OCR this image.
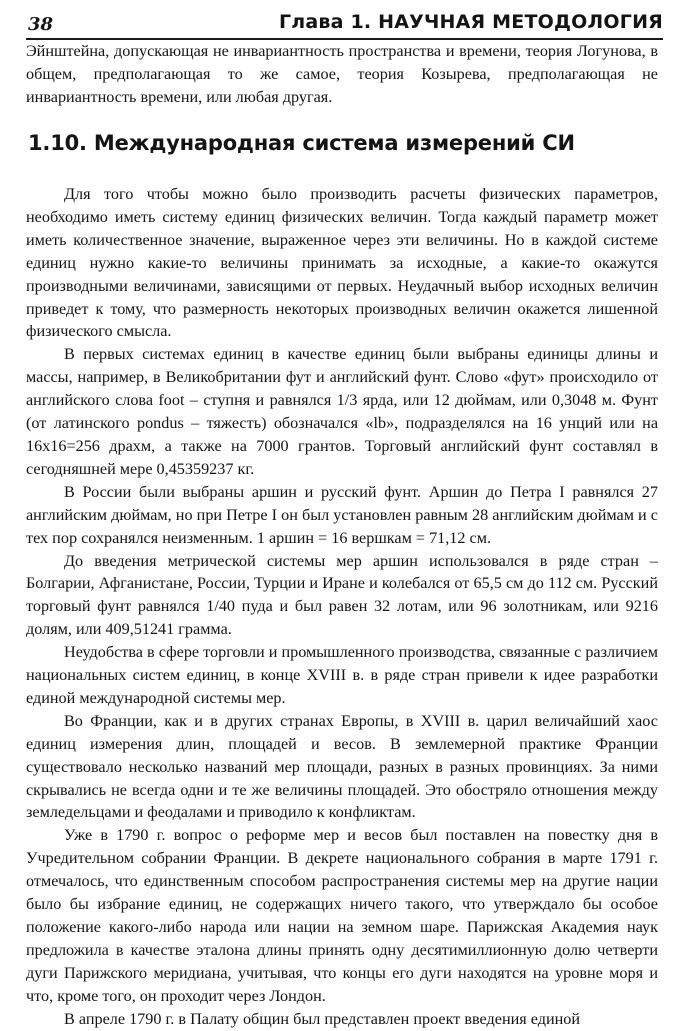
38	Глава 1. НАУЧНАЯ МЕТОДОЛОГИЯ

Эйнштейна, допускающая не инвариантность пространства и времени, теория Логунова, в общем, предполагающая то же самое, теория Козырева, предполагающая не инвариантность времени, или любая другая.

1.10. Международная система измерений СИ

Для того чтобы можно было производить расчеты физических параметров, необходимо иметь систему единиц физических величин. Тогда каждый параметр может иметь количественное значение, выраженное через эти величины. Но в каждой системе единиц нужно какие-то величины принимать за исходные, а какие-то окажутся производными величинами, зависящими от первых. Неудачный выбор исходных величин приведет к тому, что размерность некоторых производных величин окажется лишенной физического смысла.

В первых системах единиц в качестве единиц были выбраны единицы длины и массы, например, в Великобритании фут и английский фунт. Слово «фут» происходило от английского слова foot – ступня и равнялся 1/3 ярда, или 12 дюймам, или 0,3048 м. Фунт (от латинского pondus – тяжесть) обозначался «lb», подразделялся на 16 унций или на 16х16=256 драхм, а также на 7000 грантов. Торговый английский фунт составлял в сегодняшней мере 0,45359237 кг.

В России были выбраны аршин и русский фунт. Аршин до Петра I равнялся 27 английским дюймам, но при Петре I он был установлен равным 28 английским дюймам и с тех пор сохранялся неизменным. 1 аршин = 16 вершкам = 71,12 см.

До введения метрической системы мер аршин использовался в ряде стран – Болгарии, Афганистане, России, Турции и Иране и колебался от 65,5 см до 112 см. Русский торговый фунт равнялся 1/40 пуда и был равен 32 лотам, или 96 золотникам, или 9216 долям, или 409,51241 грамма.

Неудобства в сфере торговли и промышленного производства, связанные с различием национальных систем единиц, в конце XVIII в. в ряде стран привели к идее разработки единой международной системы мер.

Во Франции, как и в других странах Европы, в XVIII в. царил величайший хаос единиц измерения длин, площадей и весов. В землемерной практике Франции существовало несколько названий мер площади, разных в разных провинциях. За ними скрывались не всегда одни и те же величины площадей. Это обострялo отношения между земледельцами и феодалами и приводило к конфликтам.

Уже в 1790 г. вопрос о реформе мер и весов был поставлен на повестку дня в Учредительном собрании Франции. В декрете национального собрания в марте 1791 г. отмечалось, что единственным способом распространения системы мер на другие нации было бы избрание единиц, не содержащих ничего такого, что утверждало бы особое положение какого-либо народа или нации на земном шаре. Парижская Академия наук предложила в качестве эталона длины принять одну десятимиллионную долю четверти дуги Парижского меридиана, учитывая, что концы его дуги находятся на уровне моря и что, кроме того, он проходит через Лондон.

В апреле 1790 г. в Палату общин был представлен проект введения единой
